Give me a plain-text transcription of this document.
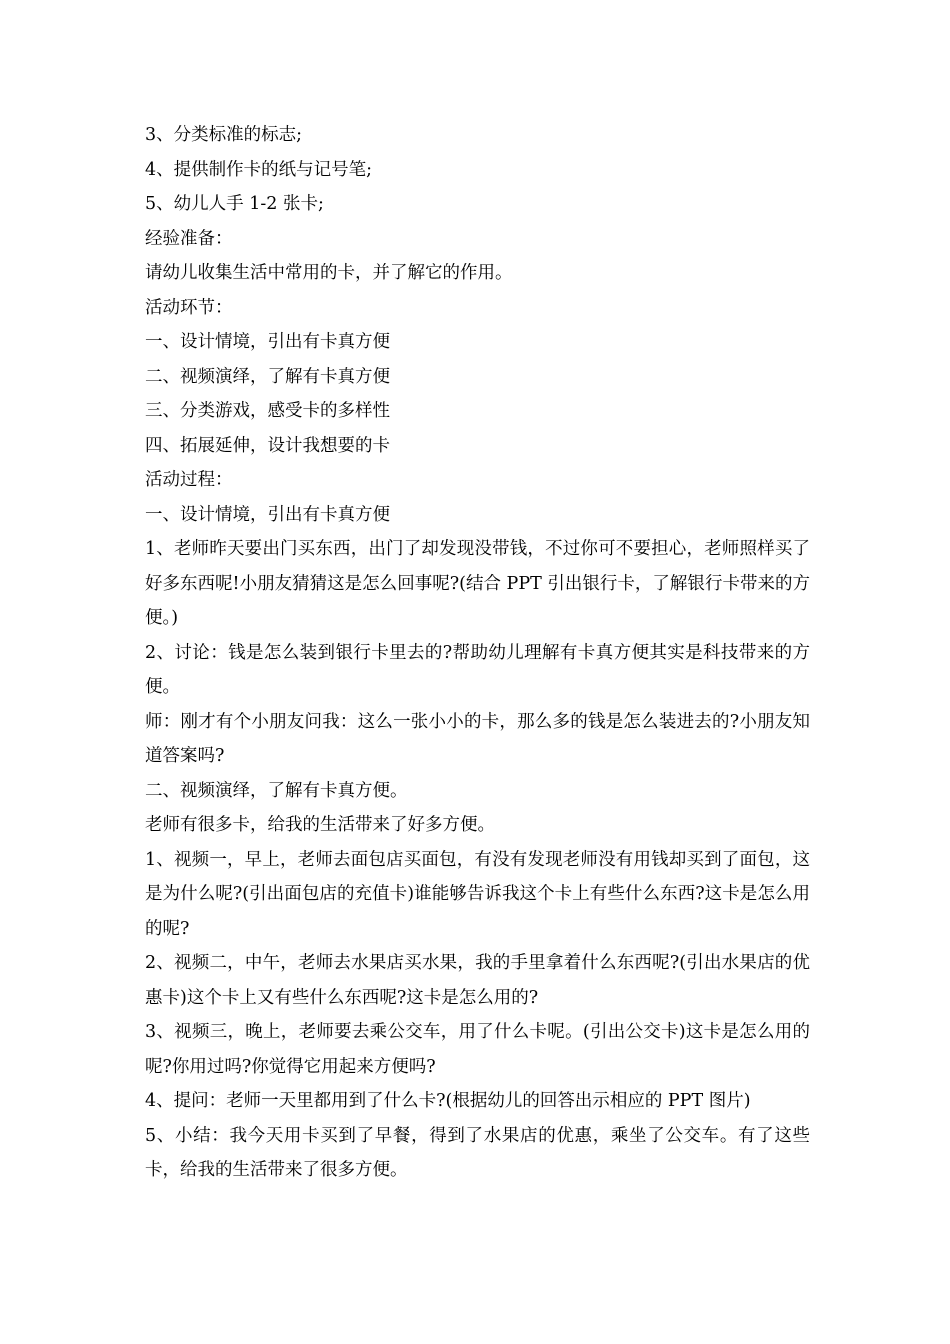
3、分类标准的标志;

4、提供制作卡的纸与记号笔;

5、幼儿人手 1-2 张卡;

经验准备：

请幼儿收集生活中常用的卡，并了解它的作用。

活动环节：

一、设计情境，引出有卡真方便

二、视频演绎，了解有卡真方便

三、分类游戏，感受卡的多样性

四、拓展延伸，设计我想要的卡

活动过程：

一、设计情境，引出有卡真方便

1、老师昨天要出门买东西，出门了却发现没带钱，不过你可不要担心，老师照样买了好多东西呢!小朋友猜猜这是怎么回事呢?(结合 PPT 引出银行卡，了解银行卡带来的方便。)

2、讨论：钱是怎么装到银行卡里去的?帮助幼儿理解有卡真方便其实是科技带来的方便。

师：刚才有个小朋友问我：这么一张小小的卡，那么多的钱是怎么装进去的?小朋友知道答案吗?

二、视频演绎，了解有卡真方便。

老师有很多卡，给我的生活带来了好多方便。

1、视频一，早上，老师去面包店买面包，有没有发现老师没有用钱却买到了面包，这是为什么呢?(引出面包店的充值卡)谁能够告诉我这个卡上有些什么东西?这卡是怎么用的呢?

2、视频二，中午，老师去水果店买水果，我的手里拿着什么东西呢?(引出水果店的优惠卡)这个卡上又有些什么东西呢?这卡是怎么用的?

3、视频三，晚上，老师要去乘公交车，用了什么卡呢。(引出公交卡)这卡是怎么用的呢?你用过吗?你觉得它用起来方便吗?

4、提问：老师一天里都用到了什么卡?(根据幼儿的回答出示相应的 PPT 图片)

5、小结：我今天用卡买到了早餐，得到了水果店的优惠，乘坐了公交车。有了这些卡，给我的生活带来了很多方便。
